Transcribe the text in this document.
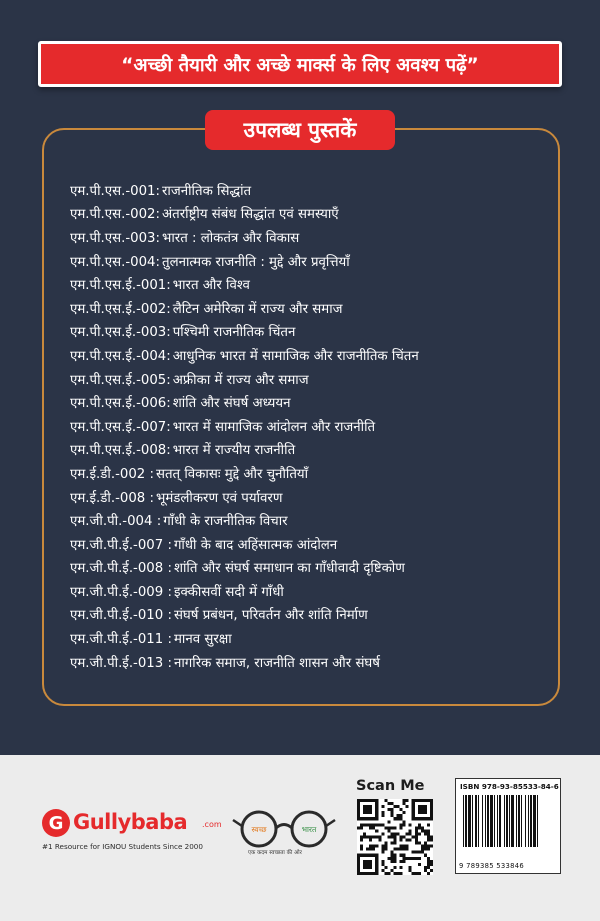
“अच्छी तैयारी और अच्छे मार्क्स के लिए अवश्य पढ़ें”
उपलब्ध पुस्तकें
एम.पी.एस.-001: राजनीतिक सिद्धांत
एम.पी.एस.-002: अंतर्राष्ट्रीय संबंध सिद्धांत एवं समस्याएँ
एम.पी.एस.-003: भारत : लोकतंत्र और विकास
एम.पी.एस.-004: तुलनात्मक राजनीति : मुद्दे और प्रवृत्तियाँ
एम.पी.एस.ई.-001: भारत और विश्व
एम.पी.एस.ई.-002: लैटिन अमेरिका में राज्य और समाज
एम.पी.एस.ई.-003: पश्चिमी राजनीतिक चिंतन
एम.पी.एस.ई.-004: आधुनिक भारत में सामाजिक और राजनीतिक चिंतन
एम.पी.एस.ई.-005: अफ्रीका में राज्य और समाज
एम.पी.एस.ई.-006: शांति और संघर्ष अध्ययन
एम.पी.एस.ई.-007: भारत में सामाजिक आंदोलन और राजनीति
एम.पी.एस.ई.-008: भारत में राज्यीय राजनीति
एम.ई.डी.-002 : सतत् विकासः मुद्दे और चुनौतियाँ
एम.ई.डी.-008 : भूमंडलीकरण एवं पर्यावरण
एम.जी.पी.-004 : गाँधी के राजनीतिक विचार
एम.जी.पी.ई.-007 : गाँधी के बाद अहिंसात्मक आंदोलन
एम.जी.पी.ई.-008 : शांति और संघर्ष समाधान का गाँधीवादी दृष्टिकोण
एम.जी.पी.ई.-009 : इक्कीसवीं सदी में गाँधी
एम.जी.पी.ई.-010 : संघर्ष प्रबंधन, परिवर्तन और शांति निर्माण
एम.जी.पी.ई.-011 : मानव सुरक्षा
एम.जी.पी.ई.-013 : नागरिक समाज, राजनीति शासन और संघर्ष
G Gullybaba .com
#1 Resource for IGNOU Students Since 2000
स्वच्छ	भारत
एक कदम स्वच्छता की ओर
Scan Me	ISBN 978-93-85533-84-6
9 789385 533846
